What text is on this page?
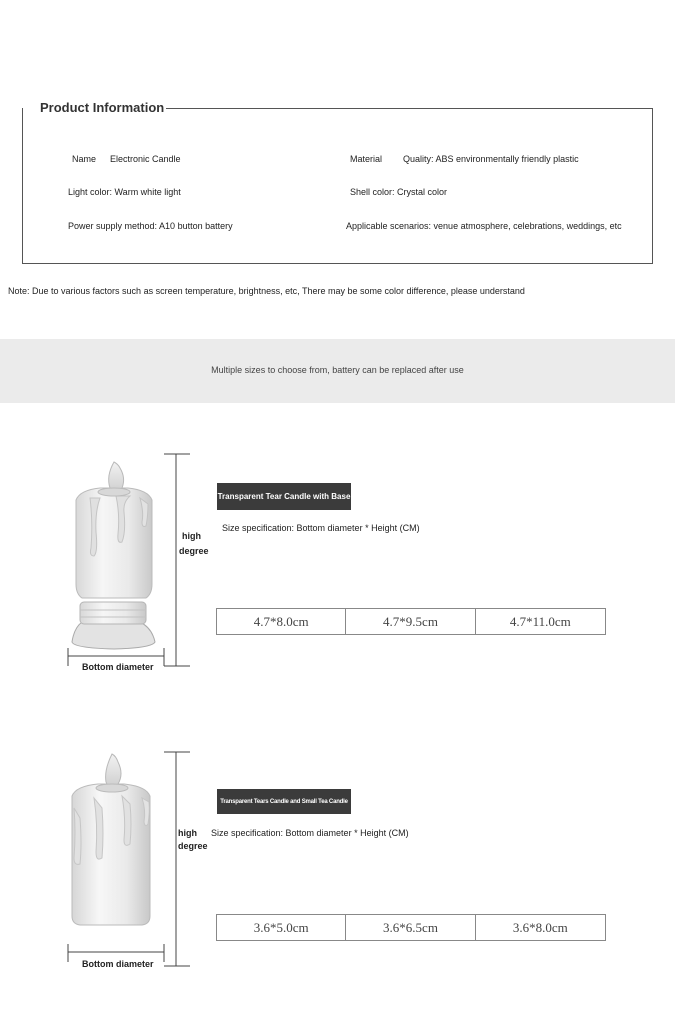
Product Information
Name Electronic Candle	Material Quality: ABS environmentally friendly plastic
Light color: Warm white light	Shell color: Crystal color
Power supply method: A10 button battery	Applicable scenarios: venue atmosphere, celebrations, weddings, etc
Note: Due to various factors such as screen temperature, brightness, etc, There may be some color difference, please understand
Multiple sizes to choose from, battery can be replaced after use
high
degree
Bottom diameter
Transparent Tear Candle with Base
Size specification: Bottom diameter * Height (CM)
4.7*8.0cm	4.7*9.5cm	4.7*11.0cm
high
degree
Bottom diameter
Transparent Tears Candle and Small Tea Candle
Size specification: Bottom diameter * Height (CM)
3.6*5.0cm	3.6*6.5cm	3.6*8.0cm
